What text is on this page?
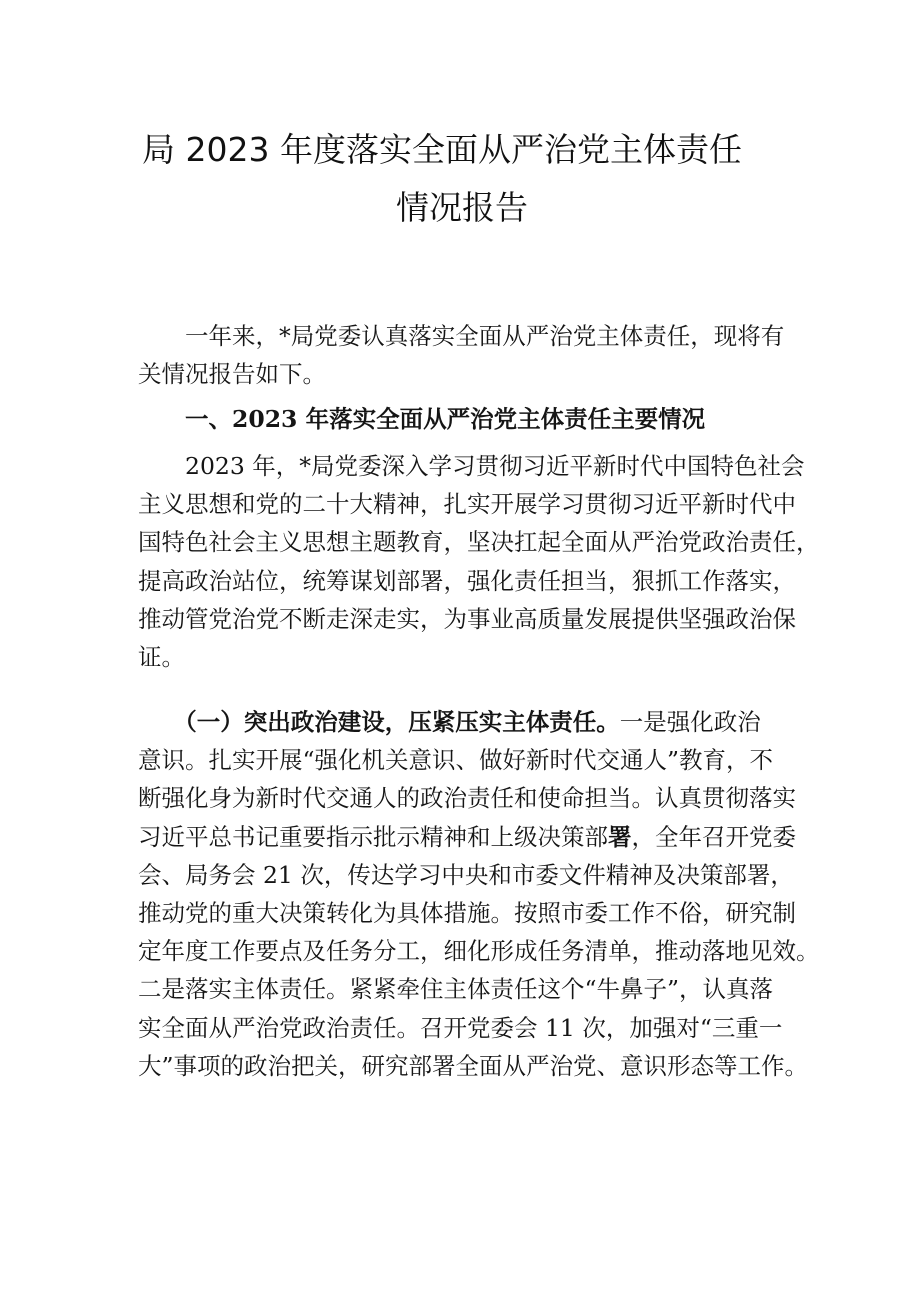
局 2023 年度落实全面从严治党主体责任
情况报告
　　一年来，*局党委认真落实全面从严治党主体责任，现将有
关情况报告如下。
　　一、2023 年落实全面从严治党主体责任主要情况
　　2023 年，*局党委深入学习贯彻习近平新时代中国特色社会
主义思想和党的二十大精神，扎实开展学习贯彻习近平新时代中
国特色社会主义思想主题教育，坚决扛起全面从严治党政治责任，
提高政治站位，统筹谋划部署，强化责任担当，狠抓工作落实，
推动管党治党不断走深走实，为事业高质量发展提供坚强政治保
证。
　　（一）突出政治建设，压紧压实主体责任。一是强化政治
意识。扎实开展“强化机关意识、做好新时代交通人”教育，不
断强化身为新时代交通人的政治责任和使命担当。认真贯彻落实
习近平总书记重要指示批示精神和上级决策部署，全年召开党委
会、局务会 21 次，传达学习中央和市委文件精神及决策部署，
推动党的重大决策转化为具体措施。按照市委工作不俗，研究制
定年度工作要点及任务分工，细化形成任务清单，推动落地见效。
二是落实主体责任。紧紧牵住主体责任这个“牛鼻子”，认真落
实全面从严治党政治责任。召开党委会 11 次，加强对“三重一
大”事项的政治把关，研究部署全面从严治党、意识形态等工作。
